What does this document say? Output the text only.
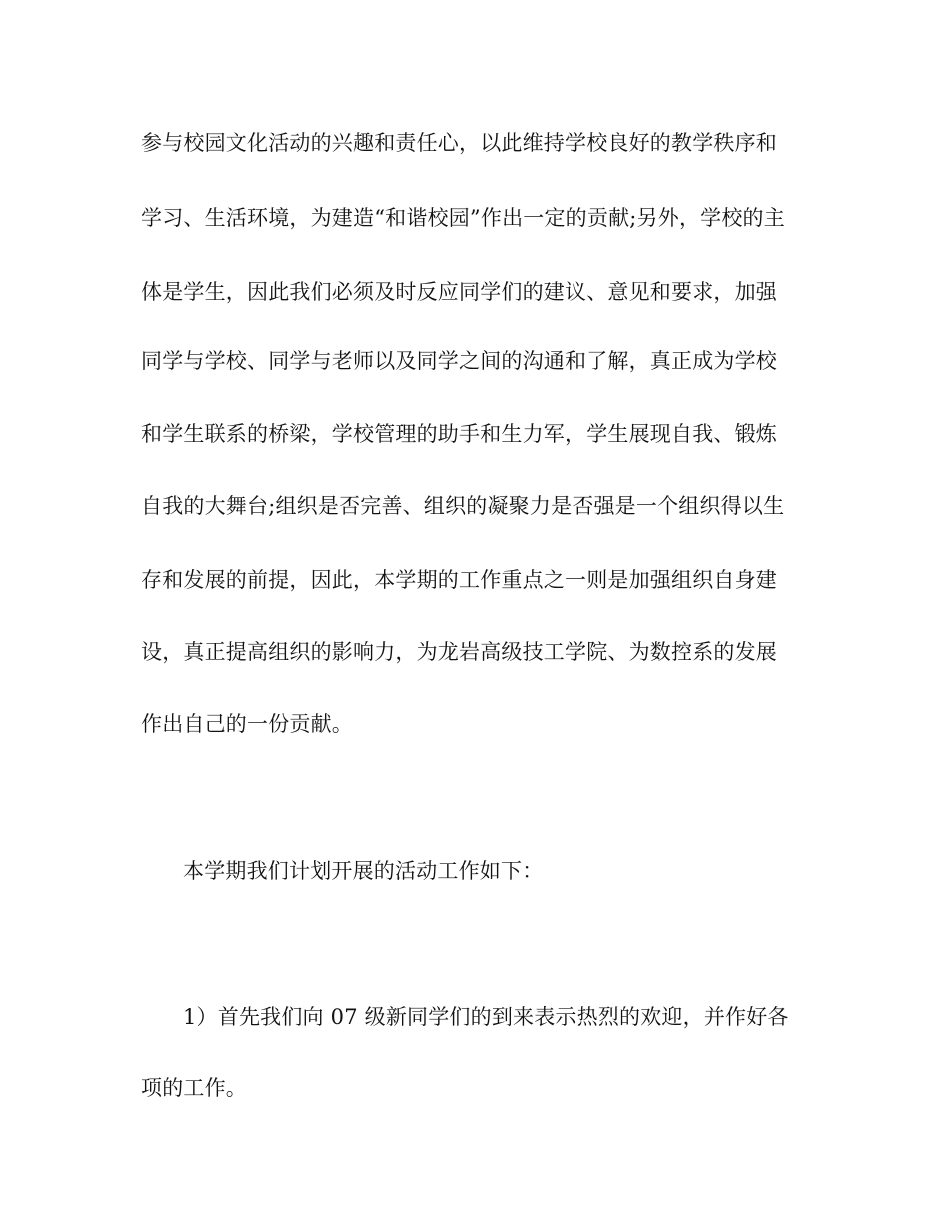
参与校园文化活动的兴趣和责任心，以此维持学校良好的教学秩序和
学习、生活环境，为建造“和谐校园”作出一定的贡献;另外，学校的主
体是学生，因此我们必须及时反应同学们的建议、意见和要求，加强
同学与学校、同学与老师以及同学之间的沟通和了解，真正成为学校
和学生联系的桥梁，学校管理的助手和生力军，学生展现自我、锻炼
自我的大舞台;组织是否完善、组织的凝聚力是否强是一个组织得以生
存和发展的前提，因此，本学期的工作重点之一则是加强组织自身建
设，真正提高组织的影响力，为龙岩高级技工学院、为数控系的发展
作出自己的一份贡献。
本学期我们计划开展的活动工作如下：
1）首先我们向 07 级新同学们的到来表示热烈的欢迎，并作好各
项的工作。
